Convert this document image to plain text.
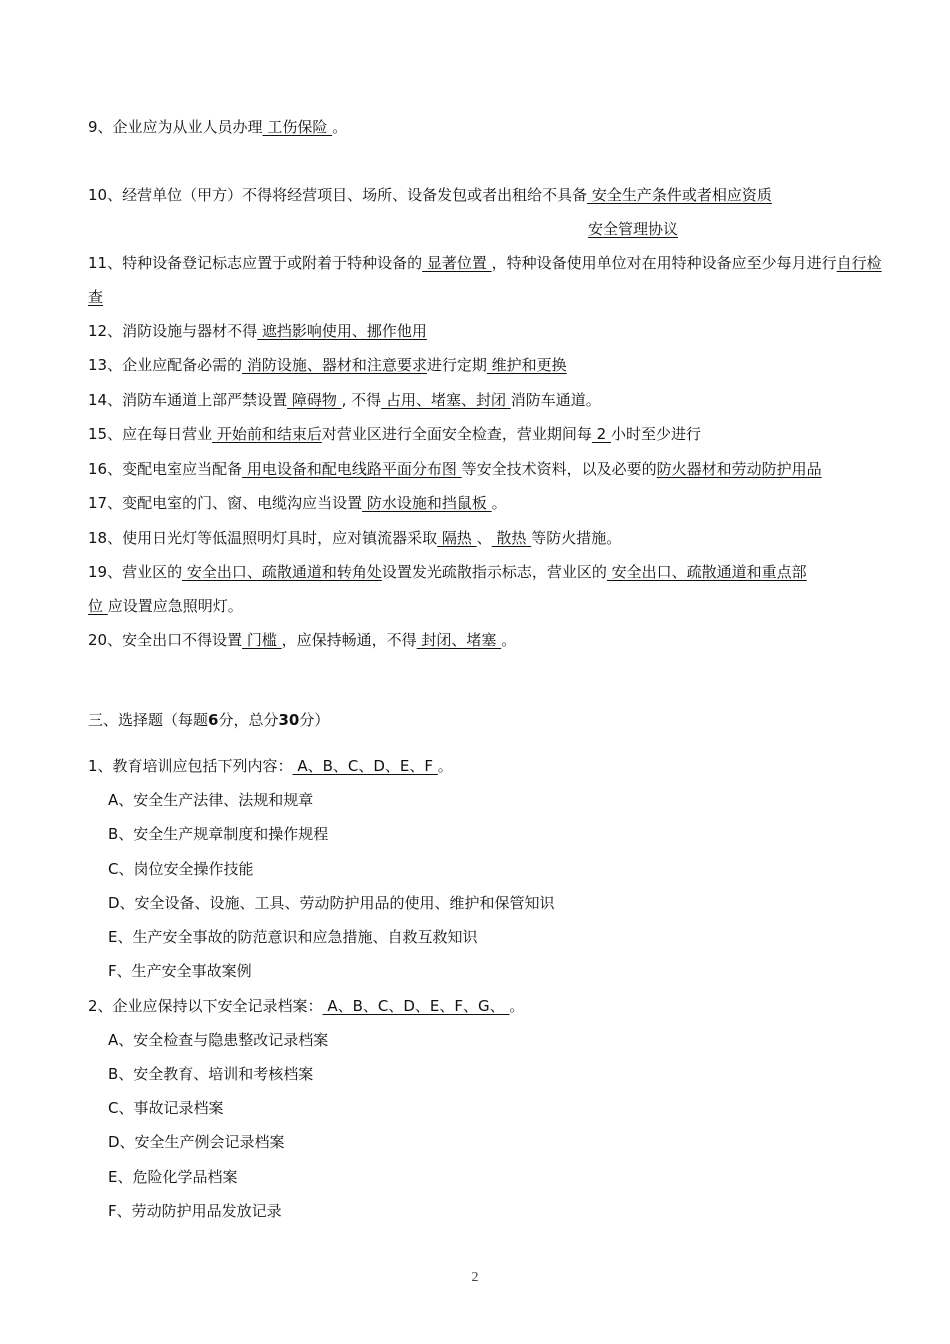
9、企业应为从业人员办理 工伤保险 。
10、经营单位（甲方）不得将经营项目、场所、设备发包或者出租给不具备 安全生产条件或者相应资质
安全管理协议
11、特种设备登记标志应置于或附着于特种设备的 显著位置 ，特种设备使用单位对在用特种设备应至少每月进行自行检
查
12、消防设施与器材不得 遮挡影响使用、挪作他用
13、企业应配备必需的 消防设施、器材和注意要求进行定期 维护和更换
14、消防车通道上部严禁设置 障碍物 , 不得 占用、堵塞、封闭 消防车通道。
15、应在每日营业 开始前和结束后对营业区进行全面安全检查，营业期间每 2 小时至少进行
16、变配电室应当配备 用电设备和配电线路平面分布图 等安全技术资料，以及必要的防火器材和劳动防护用品
17、变配电室的门、窗、电缆沟应当设置 防水设施和挡鼠板 。
18、使用日光灯等低温照明灯具时，应对镇流器采取 隔热 、 散热 等防火措施。
19、营业区的 安全出口、疏散通道和转角处设置发光疏散指示标志，营业区的 安全出口、疏散通道和重点部
位 应设置应急照明灯。
20、安全出口不得设置 门槛 ，应保持畅通，不得 封闭、堵塞 。
三、选择题（每题6分，总分30分）
1、教育培训应包括下列内容： A、B、C、D、E、F 。
A、安全生产法律、法规和规章
B、安全生产规章制度和操作规程
C、岗位安全操作技能
D、安全设备、设施、工具、劳动防护用品的使用、维护和保管知识
E、生产安全事故的防范意识和应急措施、自救互救知识
F、生产安全事故案例
2、企业应保持以下安全记录档案： A、B、C、D、E、F、G、 。
A、安全检查与隐患整改记录档案
B、安全教育、培训和考核档案
C、事故记录档案
D、安全生产例会记录档案
E、危险化学品档案
F、劳动防护用品发放记录
2
